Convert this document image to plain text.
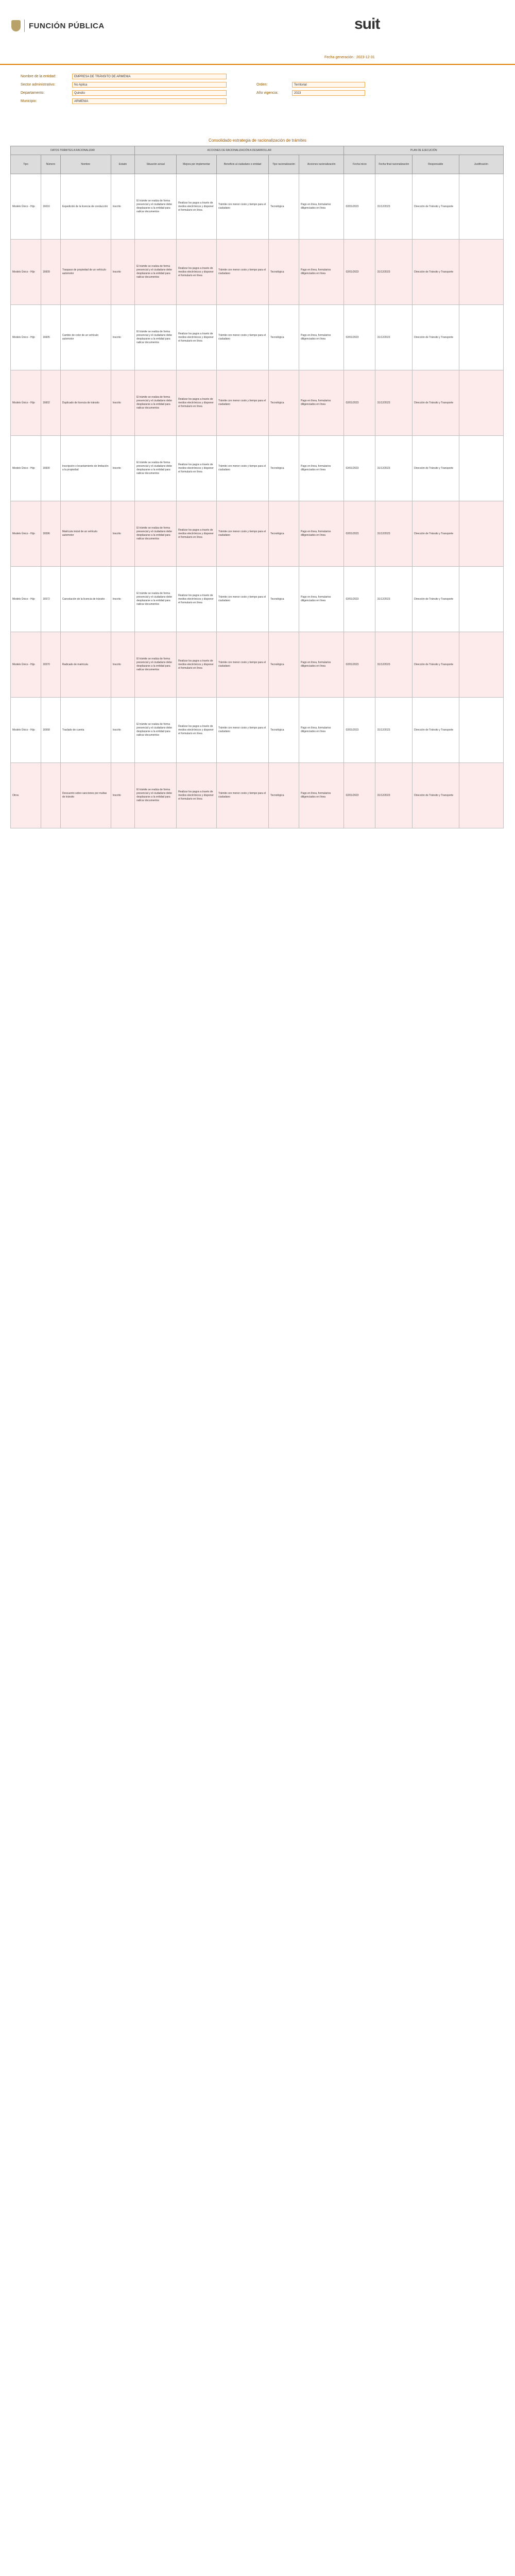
FUNCIÓN PÚBLICA	suit
Fecha generación : 2023-12-31
Nombre de la entidad:	EMPRESA DE TRÁNSITO DE ARMENIA
Sector administrativo:	No Aplica
Departamento:	Quindío
Municipio:	ARMENIA
Orden:	Territorial
Año vigencia:	2023
Consolidado estrategia de racionalización de trámites
DATOS TRÁMITES A RACIONALIZAR				ACCIONES DE RACIONALIZACIÓN A DESARROLLAR					PLAN DE EJECUCIÓN			
Tipo	Número	Nombre	Estado	Situación actual	Mejora por implementar	Beneficio al ciudadano o entidad	Tipo racionalización	Acciones racionalización	Fecha inicio	Fecha final racionalización	Responsable	Justificación
Modelo Único - Hijo	16616	Expedición de la licencia de conducción	Inscrito	El trámite se realiza de forma presencial y el ciudadano debe desplazarse a la entidad para radicar documentos	Realizar los pagos a través de medios electrónicos y disponer el formulario en línea	Trámite con menor costo y tiempo para el ciudadano	Tecnológica	Pago en línea, formularios diligenciados en línea	02/01/2023	31/12/2023	Dirección de Tránsito y Transporte	
Modelo Único - Hijo	16609	Traspaso de propiedad de un vehículo automotor	Inscrito	El trámite se realiza de forma presencial y el ciudadano debe desplazarse a la entidad para radicar documentos	Realizar los pagos a través de medios electrónicos y disponer el formulario en línea	Trámite con menor costo y tiempo para el ciudadano	Tecnológica	Pago en línea, formularios diligenciados en línea	02/01/2023	31/12/2023	Dirección de Tránsito y Transporte	
Modelo Único - Hijo	16605	Cambio de color de un vehículo automotor	Inscrito	El trámite se realiza de forma presencial y el ciudadano debe desplazarse a la entidad para radicar documentos	Realizar los pagos a través de medios electrónicos y disponer el formulario en línea	Trámite con menor costo y tiempo para el ciudadano	Tecnológica	Pago en línea, formularios diligenciados en línea	02/01/2023	31/12/2023	Dirección de Tránsito y Transporte	
Modelo Único - Hijo	16602	Duplicado de licencia de tránsito	Inscrito	El trámite se realiza de forma presencial y el ciudadano debe desplazarse a la entidad para radicar documentos	Realizar los pagos a través de medios electrónicos y disponer el formulario en línea	Trámite con menor costo y tiempo para el ciudadano	Tecnológica	Pago en línea, formularios diligenciados en línea	02/01/2023	31/12/2023	Dirección de Tránsito y Transporte	
Modelo Único - Hijo	16600	Inscripción o levantamiento de limitación a la propiedad	Inscrito	El trámite se realiza de forma presencial y el ciudadano debe desplazarse a la entidad para radicar documentos	Realizar los pagos a través de medios electrónicos y disponer el formulario en línea	Trámite con menor costo y tiempo para el ciudadano	Tecnológica	Pago en línea, formularios diligenciados en línea	02/01/2023	31/12/2023	Dirección de Tránsito y Transporte	
Modelo Único - Hijo	16596	Matrícula inicial de un vehículo automotor	Inscrito	El trámite se realiza de forma presencial y el ciudadano debe desplazarse a la entidad para radicar documentos	Realizar los pagos a través de medios electrónicos y disponer el formulario en línea	Trámite con menor costo y tiempo para el ciudadano	Tecnológica	Pago en línea, formularios diligenciados en línea	02/01/2023	31/12/2023	Dirección de Tránsito y Transporte	
Modelo Único - Hijo	16572	Cancelación de la licencia de tránsito	Inscrito	El trámite se realiza de forma presencial y el ciudadano debe desplazarse a la entidad para radicar documentos	Realizar los pagos a través de medios electrónicos y disponer el formulario en línea	Trámite con menor costo y tiempo para el ciudadano	Tecnológica	Pago en línea, formularios diligenciados en línea	02/01/2023	31/12/2023	Dirección de Tránsito y Transporte	
Modelo Único - Hijo	16570	Radicado de matrícula	Inscrito	El trámite se realiza de forma presencial y el ciudadano debe desplazarse a la entidad para radicar documentos	Realizar los pagos a través de medios electrónicos y disponer el formulario en línea	Trámite con menor costo y tiempo para el ciudadano	Tecnológica	Pago en línea, formularios diligenciados en línea	02/01/2023	31/12/2023	Dirección de Tránsito y Transporte	
Modelo Único - Hijo	16568	Traslado de cuenta	Inscrito	El trámite se realiza de forma presencial y el ciudadano debe desplazarse a la entidad para radicar documentos	Realizar los pagos a través de medios electrónicos y disponer el formulario en línea	Trámite con menor costo y tiempo para el ciudadano	Tecnológica	Pago en línea, formularios diligenciados en línea	02/01/2023	31/12/2023	Dirección de Tránsito y Transporte	
Otros		Descuento sobre sanciones por multas de tránsito	Inscrito	El trámite se realiza de forma presencial y el ciudadano debe desplazarse a la entidad para radicar documentos	Realizar los pagos a través de medios electrónicos y disponer el formulario en línea	Trámite con menor costo y tiempo para el ciudadano	Tecnológica	Pago en línea, formularios diligenciados en línea	02/01/2023	31/12/2023	Dirección de Tránsito y Transporte	
